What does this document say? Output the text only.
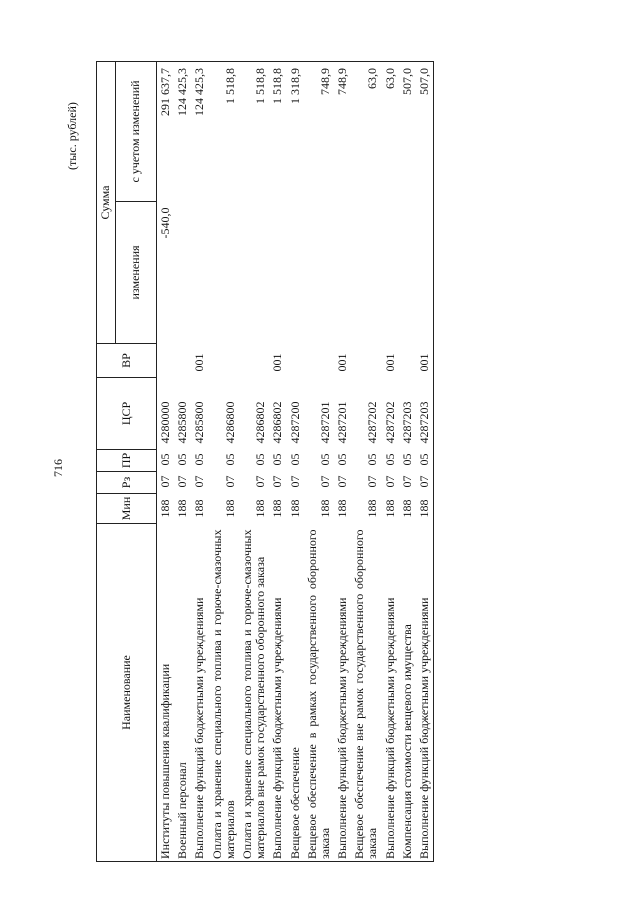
716
(тыс. рублей)
Наименование	Мин	Рз	ПР	ЦСР	ВР	Сумма	
						изменения	с учетом изменений
Институты повышения квалификации	188	07	05	4280000		-540,0	291 637,7
Военный персонал	188	07	05	4285800			124 425,3
Выполнение функций бюджетными учреждениями	188	07	05	4285800	001		124 425,3
Оплата и хранение специального топлива и горюче-смазочных материалов	188	07	05	4286800			1 518,8
Оплата и хранение специального топлива и горюче-смазочных материалов вне рамок государственного оборонного заказа	188	07	05	4286802			1 518,8
Выполнение функций бюджетными учреждениями	188	07	05	4286802	001		1 518,8
Вещевое обеспечение	188	07	05	4287200			1 318,9
Вещевое обеспечение в рамках государственного оборонного заказа	188	07	05	4287201			748,9
Выполнение функций бюджетными учреждениями	188	07	05	4287201	001		748,9
Вещевое обеспечение вне рамок государственного оборонного заказа	188	07	05	4287202			63,0
Выполнение функций бюджетными учреждениями	188	07	05	4287202	001		63,0
Компенсация стоимости вещевого имущества	188	07	05	4287203			507,0
Выполнение функций бюджетными учреждениями	188	07	05	4287203	001		507,0
